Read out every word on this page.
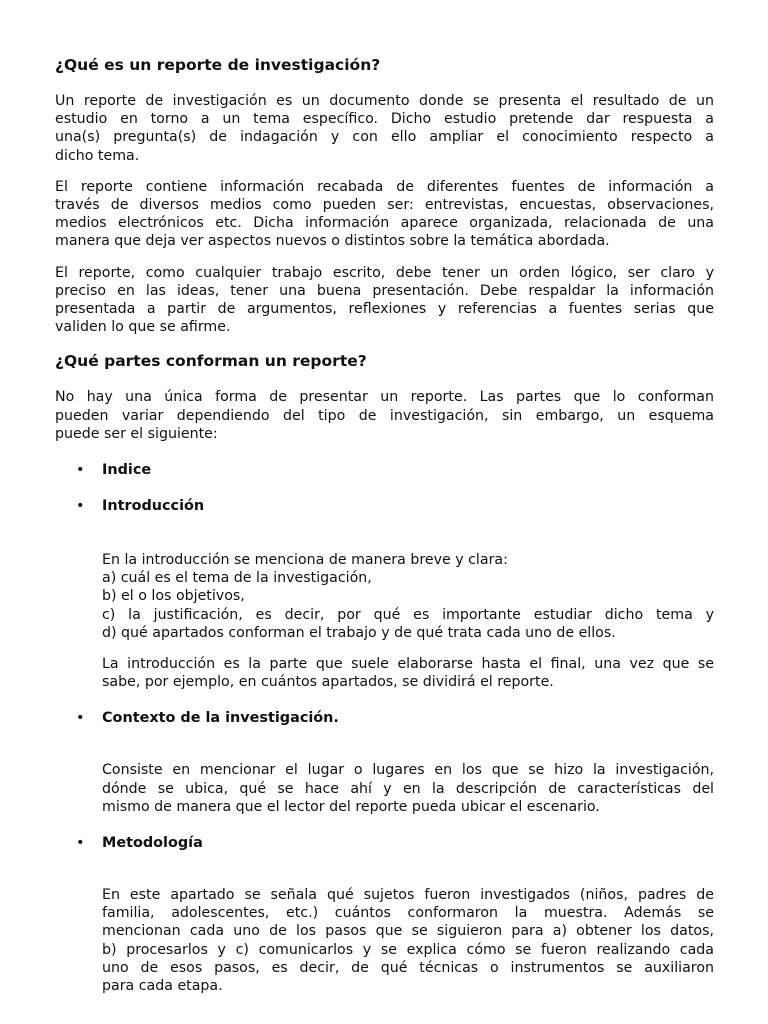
¿Qué es un reporte de investigación?

Un reporte de investigación es un documento donde se presenta el resultado de un
estudio en torno a un tema específico. Dicho estudio pretende dar respuesta a
una(s) pregunta(s) de indagación y con ello ampliar el conocimiento respecto a
dicho tema.

El reporte contiene información recabada de diferentes fuentes de información a
través de diversos medios como pueden ser: entrevistas, encuestas, observaciones,
medios electrónicos etc. Dicha información aparece organizada, relacionada de una
manera que deja ver aspectos nuevos o distintos sobre la temática abordada.

El reporte, como cualquier trabajo escrito, debe tener un orden lógico, ser claro y
preciso en las ideas, tener una buena presentación. Debe respaldar la información
presentada a partir de argumentos, reflexiones y referencias a fuentes serias que
validen lo que se afirme.

¿Qué partes conforman un reporte?

No hay una única forma de presentar un reporte. Las partes que lo conforman
pueden variar dependiendo del tipo de investigación, sin embargo, un esquema
puede ser el siguiente:

• Indice
• Introducción
En la introducción se menciona de manera breve y clara:
a) cuál es el tema de la investigación,
b) el o los objetivos,
c) la justificación, es decir, por qué es importante estudiar dicho tema y
d) qué apartados conforman el trabajo y de qué trata cada uno de ellos.
La introducción es la parte que suele elaborarse hasta el final, una vez que se
sabe, por ejemplo, en cuántos apartados, se dividirá el reporte.
• Contexto de la investigación.
Consiste en mencionar el lugar o lugares en los que se hizo la investigación,
dónde se ubica, qué se hace ahí y en la descripción de características del
mismo de manera que el lector del reporte pueda ubicar el escenario.
• Metodología
En este apartado se señala qué sujetos fueron investigados (niños, padres de
familia, adolescentes, etc.) cuántos conformaron la muestra. Además se
mencionan cada uno de los pasos que se siguieron para a) obtener los datos,
b) procesarlos y c) comunicarlos y se explica cómo se fueron realizando cada
uno de esos pasos, es decir, de qué técnicas o instrumentos se auxiliaron
para cada etapa.
